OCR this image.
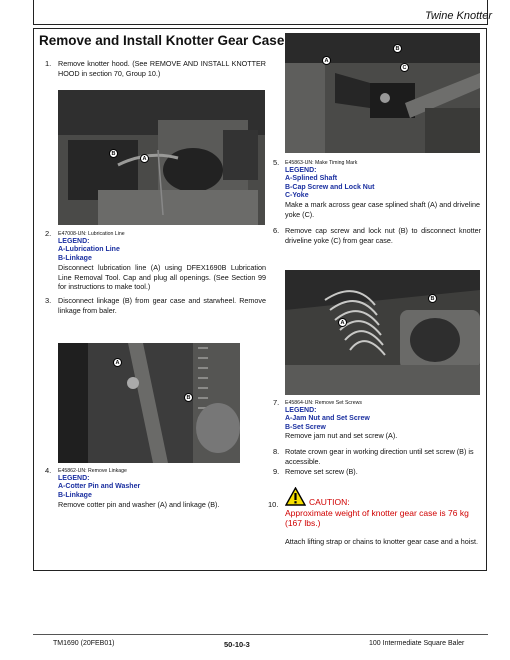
Twine Knotter
Remove and Install Knotter Gear Case
1. Remove knotter hood. (See REMOVE AND INSTALL KNOTTER HOOD in section 70, Group 10.)
B
A
2. E47008-UN: Lubrication Line
LEGEND:
A-Lubrication Line
B-Linkage
Disconnect lubrication line (A) using DFEX1690B Lubrication Line Removal Tool. Cap and plug all openings. (See Section 99 for instructions to make tool.)
3. Disconnect linkage (B) from gear case and starwheel. Remove linkage from baler.
A
B
4. E45862-UN: Remove Linkage
LEGEND:
A-Cotter Pin and Washer
B-Linkage
Remove cotter pin and washer (A) and linkage (B).
A
B
C
5. E45863-UN: Make Timing Mark
LEGEND:
A-Splined Shaft
B-Cap Screw and Lock Nut
C-Yoke
Make a mark across gear case splined shaft (A) and driveline yoke (C).
6. Remove cap screw and lock nut (B) to disconnect knotter driveline yoke (C) from gear case.
B
A
7. E45864-UN: Remove Set Screws
LEGEND:
A-Jam Nut and Set Screw
B-Set Screw
Remove jam nut and set screw (A).
8. Rotate crown gear in working direction until set screw (B) is accessible.
9. Remove set screw (B).
10.	CAUTION:
Approximate weight of knotter gear case is 76 kg (167 lbs.)
Attach lifting strap or chains to knotter gear case and a hoist.
TM1690 (20FEB01)	50-10-3	100 Intermediate Square Baler
